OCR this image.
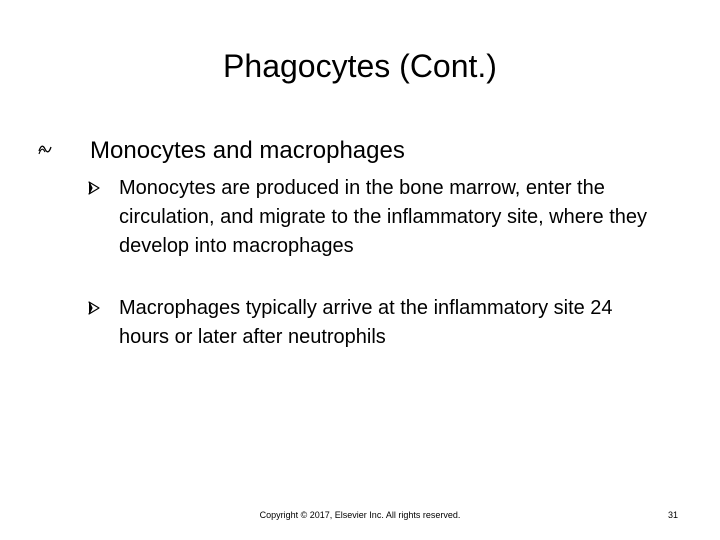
Phagocytes (Cont.)
Monocytes and macrophages
Monocytes are produced in the bone marrow, enter the circulation, and migrate to the inflammatory site, where they develop into macrophages
Macrophages typically arrive at the inflammatory site 24 hours or later after neutrophils
Copyright © 2017, Elsevier Inc. All rights reserved.	31
